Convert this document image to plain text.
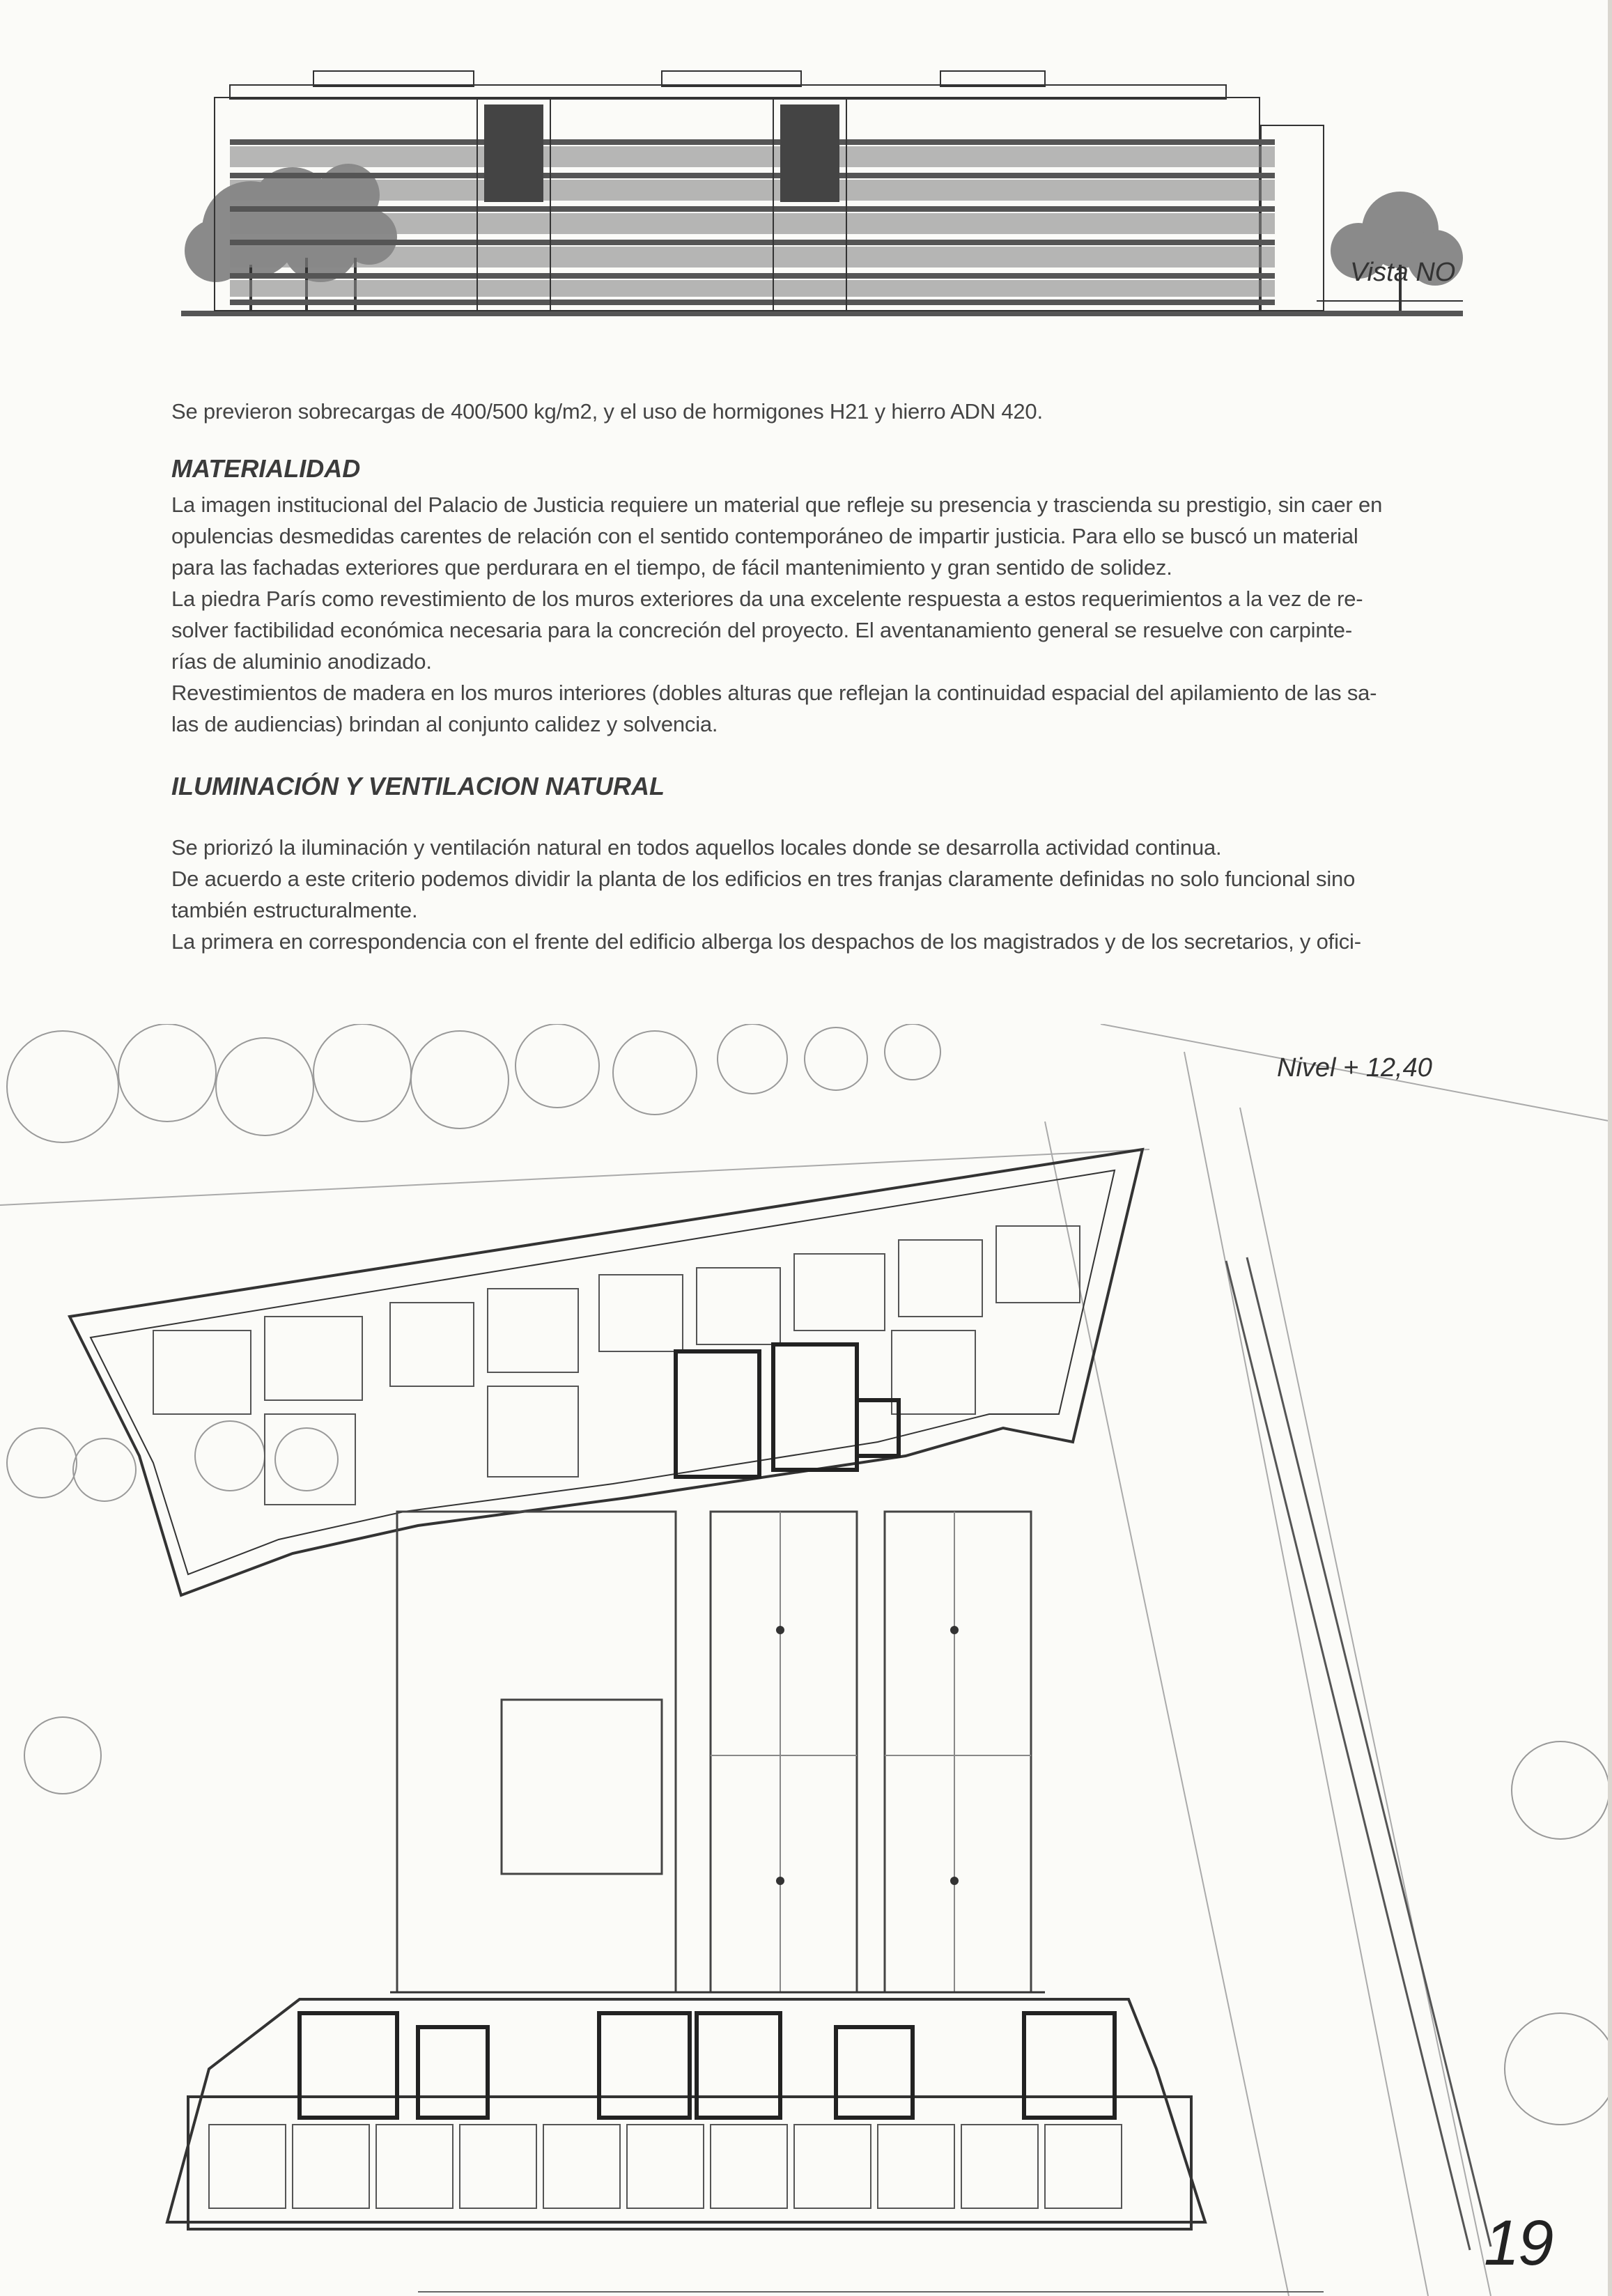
Vista NO

Se previeron sobrecargas de 400/500 kg/m2, y el uso de hormigones H21 y hierro ADN 420.

MATERIALIDAD
La imagen institucional del Palacio de Justicia requiere un material que refleje su presencia y trascienda su prestigio, sin caer en
opulencias desmedidas carentes de relación con el sentido contemporáneo de impartir justicia. Para ello se buscó un material
para las fachadas exteriores que perdurara en el tiempo, de fácil mantenimiento y gran sentido de solidez.
La piedra París como revestimiento de los muros exteriores da una excelente respuesta a estos requerimientos a la vez de re-
solver factibilidad económica necesaria para la concreción del proyecto. El aventanamiento general se resuelve con carpinte-
rías de aluminio anodizado.
Revestimientos de madera en los muros interiores (dobles alturas que reflejan la continuidad espacial del apilamiento de las sa-
las de audiencias) brindan al conjunto calidez y solvencia.
ILUMINACIÓN Y VENTILACION NATURAL
Se priorizó la iluminación y ventilación natural en todos aquellos locales donde se desarrolla actividad continua.
De acuerdo a este criterio podemos dividir la planta de los edificios en tres franjas claramente definidas no solo funcional sino
también estructuralmente.
La primera en correspondencia con el frente del edificio alberga los despachos de los magistrados y de los secretarios, y ofici-
Nivel + 12,40
19
